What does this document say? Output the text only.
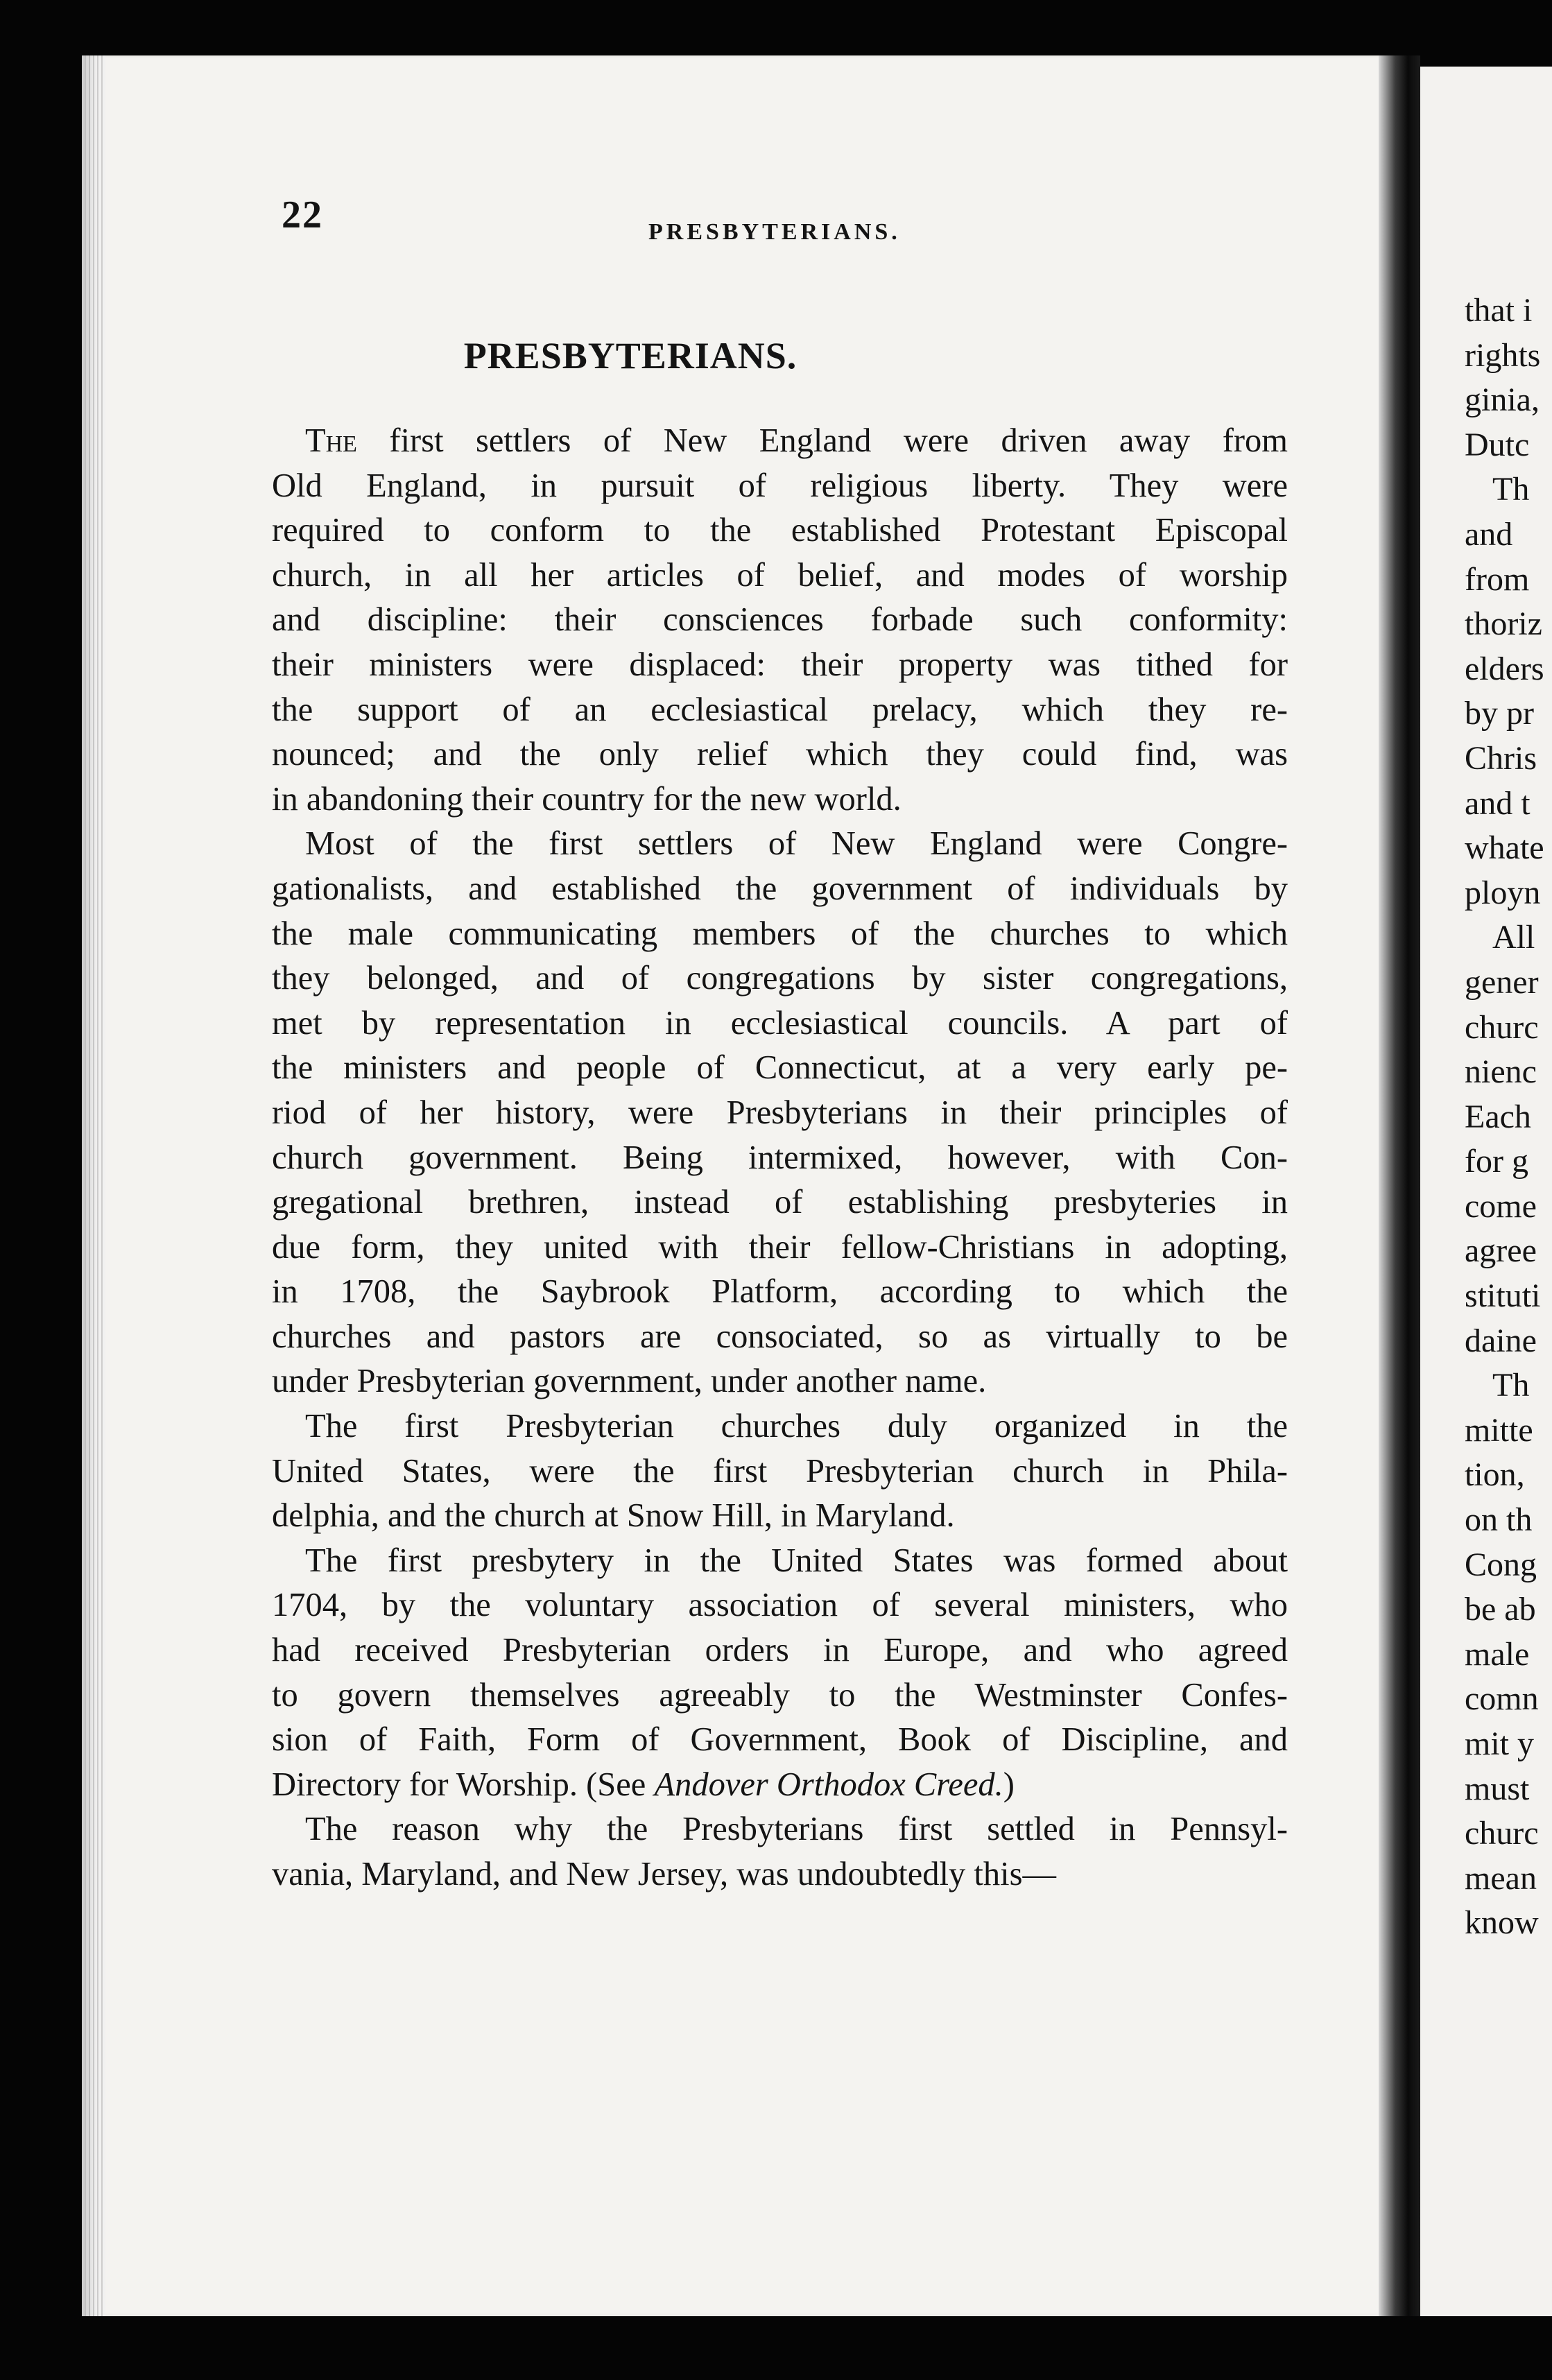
22	PRESBYTERIANS.
PRESBYTERIANS.
The first settlers of New England were driven away from
Old England, in pursuit of religious liberty. They were
required to conform to the established Protestant Episcopal
church, in all her articles of belief, and modes of worship
and discipline: their consciences forbade such conformity:
their ministers were displaced: their property was tithed for
the support of an ecclesiastical prelacy, which they re-
nounced; and the only relief which they could find, was
in abandoning their country for the new world.
Most of the first settlers of New England were Congre-
gationalists, and established the government of individuals by
the male communicating members of the churches to which
they belonged, and of congregations by sister congregations,
met by representation in ecclesiastical councils. A part of
the ministers and people of Connecticut, at a very early pe-
riod of her history, were Presbyterians in their principles of
church government. Being intermixed, however, with Con-
gregational brethren, instead of establishing presbyteries in
due form, they united with their fellow-Christians in adopting,
in 1708, the Saybrook Platform, according to which the
churches and pastors are consociated, so as virtually to be
under Presbyterian government, under another name.
The first Presbyterian churches duly organized in the
United States, were the first Presbyterian church in Phila-
delphia, and the church at Snow Hill, in Maryland.
The first presbytery in the United States was formed about
1704, by the voluntary association of several ministers, who
had received Presbyterian orders in Europe, and who agreed
to govern themselves agreeably to the Westminster Confes-
sion of Faith, Form of Government, Book of Discipline, and
Directory for Worship. (See Andover Orthodox Creed.)
The reason why the Presbyterians first settled in Pennsyl-
vania, Maryland, and New Jersey, was undoubtedly this—
that i
rights
ginia,
Dutc
Th
and
from
thoriz
elders
by pr
Chris
and t
whate
ployn
All
gener
churc
nienc
Each
for g
come
agree
stituti
daine
Th
mitte
tion,
on th
Cong
be ab
male
comn
mit y
must
churc
mean
know
